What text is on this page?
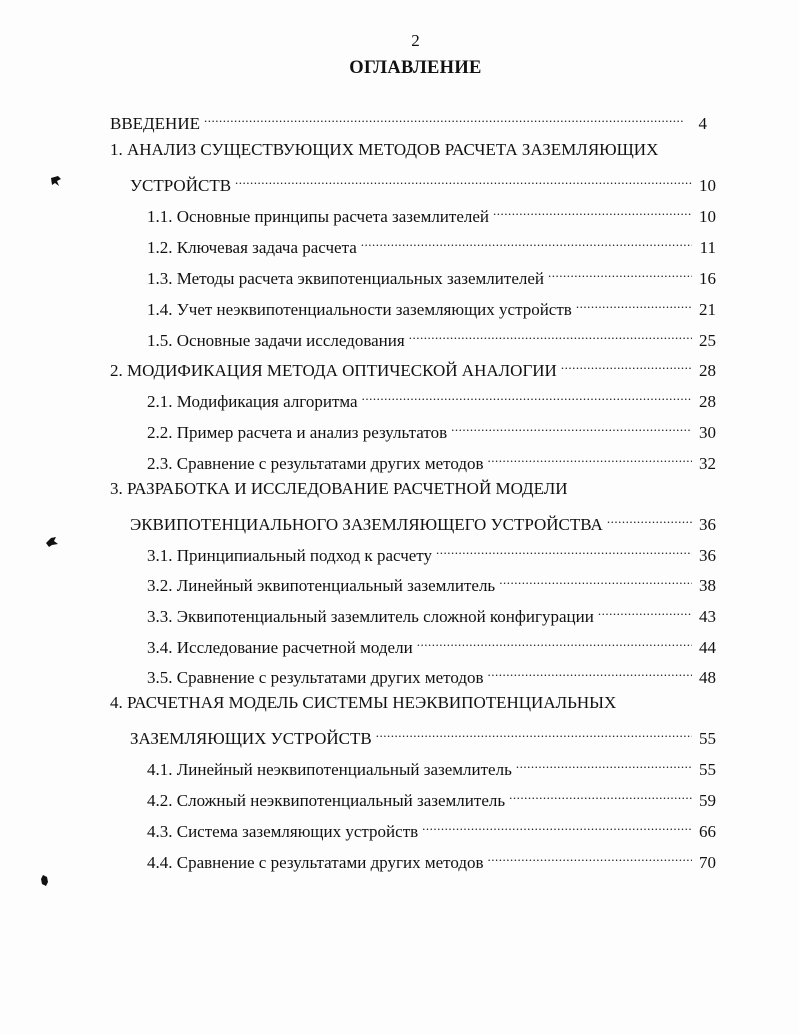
2
ОГЛАВЛЕНИЕ
ВВЕДЕНИЕ .....	4
1. АНАЛИЗ СУЩЕСТВУЮЩИХ МЕТОДОВ РАСЧЕТА ЗАЗЕМЛЯЮЩИХ
УСТРОЙСТВ .....	10
1.1. Основные принципы расчета заземлителей .....	10
1.2. Ключевая задача расчета .....	11
1.3. Методы расчета эквипотенциальных заземлителей .....	16
1.4. Учет неэквипотенциальности заземляющих устройств .....	21
1.5. Основные задачи исследования .....	25
2. МОДИФИКАЦИЯ МЕТОДА ОПТИЧЕСКОЙ АНАЛОГИИ .....	28
2.1. Модификация алгоритма .....	28
2.2. Пример расчета и анализ результатов .....	30
2.3. Сравнение с результатами других методов .....	32
3. РАЗРАБОТКА И ИССЛЕДОВАНИЕ РАСЧЕТНОЙ МОДЕЛИ
ЭКВИПОТЕНЦИАЛЬНОГО ЗАЗЕМЛЯЮЩЕГО УСТРОЙСТВА .....	36
3.1. Принципиальный подход к расчету .....	36
3.2. Линейный эквипотенциальный заземлитель .....	38
3.3. Эквипотенциальный заземлитель сложной конфигурации .....	43
3.4. Исследование расчетной модели .....	44
3.5. Сравнение с результатами других методов .....	48
4. РАСЧЕТНАЯ МОДЕЛЬ СИСТЕМЫ НЕЭКВИПОТЕНЦИАЛЬНЫХ
ЗАЗЕМЛЯЮЩИХ УСТРОЙСТВ .....	55
4.1. Линейный неэквипотенциальный заземлитель .....	55
4.2. Сложный неэквипотенциальный заземлитель .....	59
4.3. Система заземляющих устройств .....	66
4.4. Сравнение с результатами других методов .....	70
